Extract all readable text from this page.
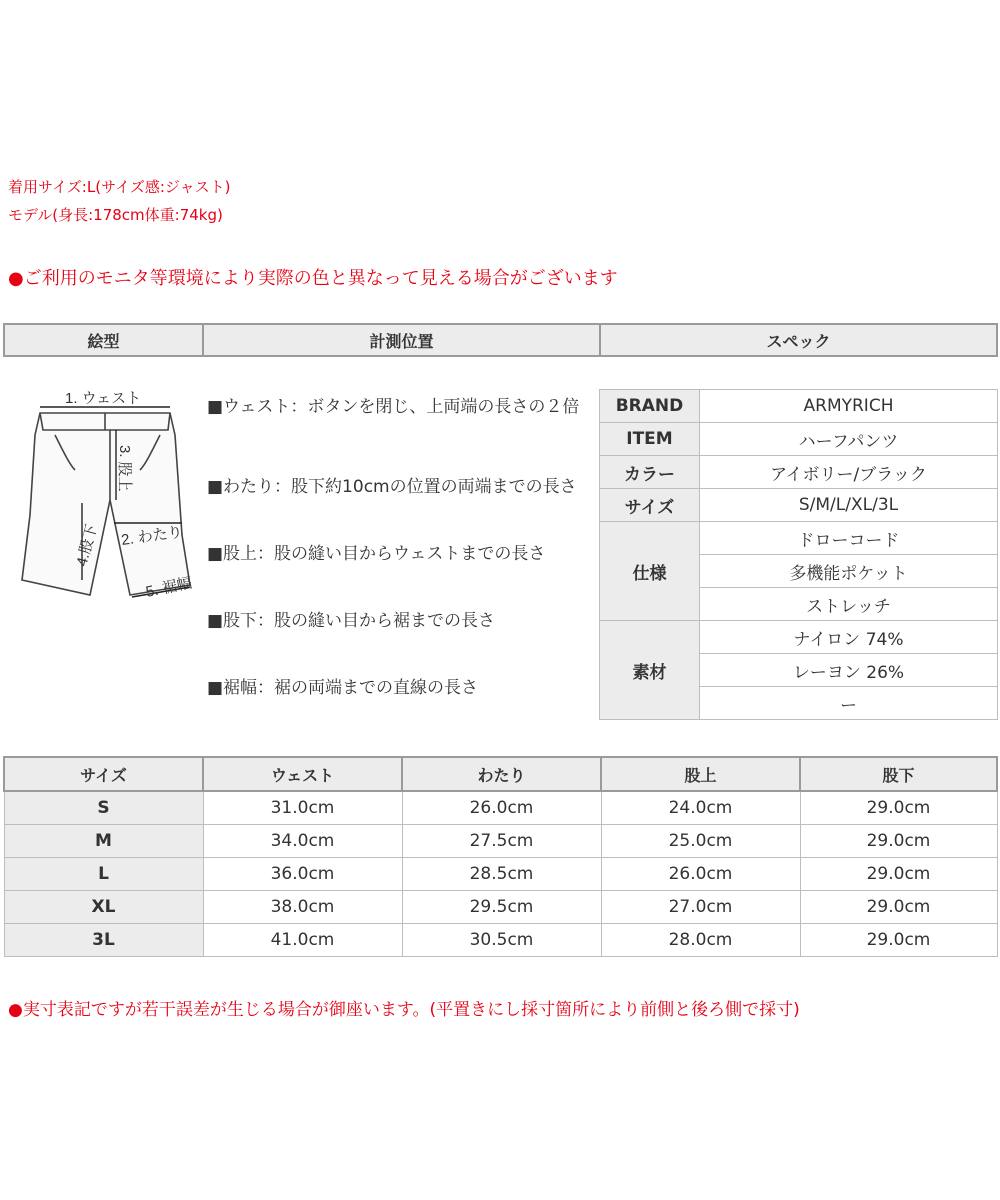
着用サイズ:L(サイズ感:ジャスト)
モデル(身長:178cm体重:74kg)
●ご利用のモニタ等環境により実際の色と異なって見える場合がございます
絵型	計測位置	スペック
1. ウェスト
3. 股上
2. わたり
4.股下
5. 裾幅
■ウェスト：ボタンを閉じ、上両端の長さの２倍
■わたり：股下約10cmの位置の両端までの長さ
■股上：股の縫い目からウェストまでの長さ
■股下：股の縫い目から裾までの長さ
■裾幅：裾の両端までの直線の長さ
BRAND	ARMYRICH
ITEM	ハーフパンツ
カラー	アイボリー/ブラック
サイズ	S/M/L/XL/3L
仕様	ドローコード
	多機能ポケット
	ストレッチ
素材	ナイロン 74%
	レーヨン 26%
	ー
サイズ	ウェスト	わたり	股上	股下
S	31.0cm	26.0cm	24.0cm	29.0cm
M	34.0cm	27.5cm	25.0cm	29.0cm
L	36.0cm	28.5cm	26.0cm	29.0cm
XL	38.0cm	29.5cm	27.0cm	29.0cm
3L	41.0cm	30.5cm	28.0cm	29.0cm
●実寸表記ですが若干誤差が生じる場合が御座います。(平置きにし採寸箇所により前側と後ろ側で採寸)
